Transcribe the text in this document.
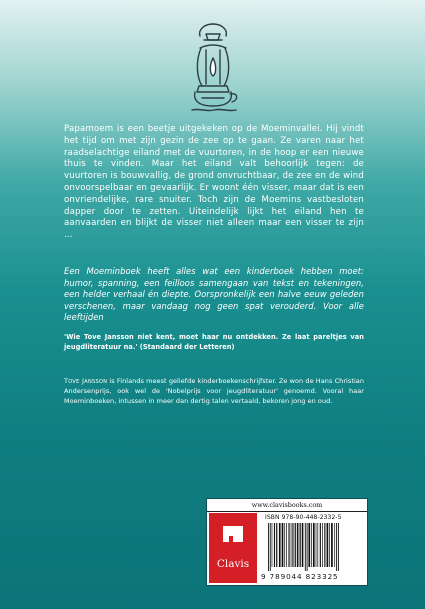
Papamoem is een beetje uitgekeken op de Moeminvallei. Hij vindt het tijd om met zijn gezin de zee op te gaan. Ze varen naar het raadselachtige eiland met de vuurtoren, in de hoop er een nieuwe thuis te vinden. Maar het eiland valt behoorlijk tegen: de vuurtoren is bouwvallig, de grond onvruchtbaar, de zee en de wind onvoorspelbaar en gevaarlijk. Er woont één visser, maar dat is een onvriendelijke, rare snuiter. Toch zijn de Moemins vastbesloten dapper door te zetten. Uiteindelijk lijkt het eiland hen te aanvaarden en blijkt de visser niet alleen maar een visser te zijn …

Een Moeminboek heeft alles wat een kinderboek hebben moet: humor, spanning, een feilloos samengaan van tekst en tekeningen, een helder verhaal én diepte. Oorspronkelijk een halve eeuw geleden verschenen, maar vandaag nog geen spat verouderd. Voor alle leeftijden

'Wie Tove Jansson niet kent, moet haar nu ontdekken. Ze laat pareltjes van jeugdliteratuur na.' (Standaard der Letteren)

Tove Jansson is Finlands meest geliefde kinderboekenschrijfster. Ze won de Hans Christian Andersenprijs, ook wel de 'Nobelprijs voor jeugdliteratuur' genoemd. Vooral haar Moeminboeken, intussen in meer dan dertig talen vertaald, bekoren jong en oud.

www.clavisbooks.com
Clavis
ISBN 978-90-448-2332-5
9 789044 823325
